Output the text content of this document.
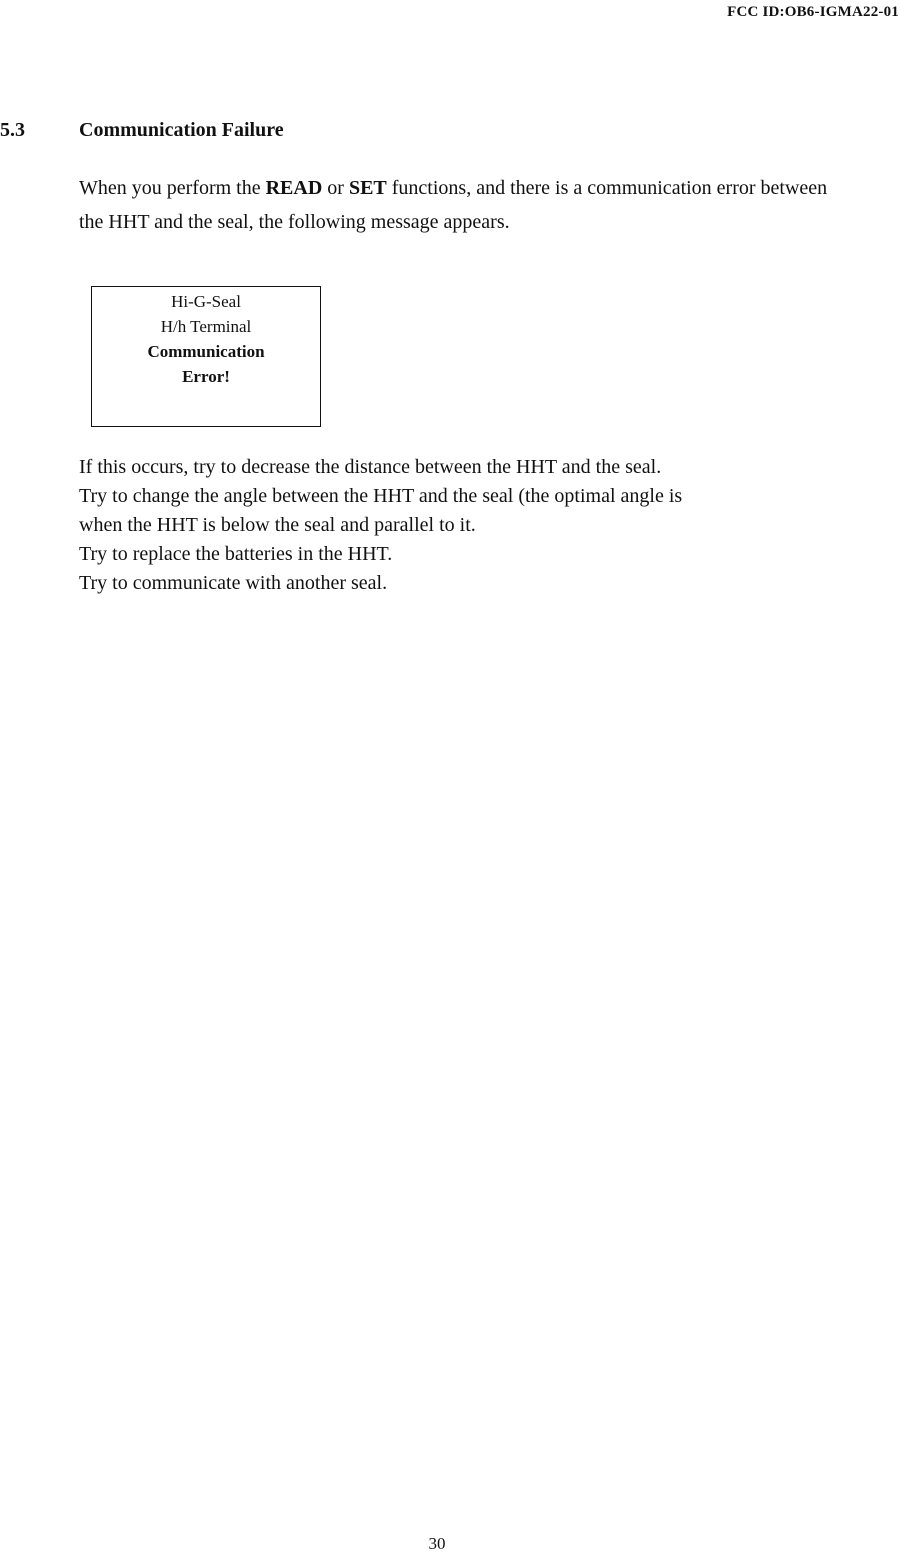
FCC ID:OB6-IGMA22-01
5.3	Communication Failure

When you perform the READ or SET functions, and there is a communication error between the HHT and the seal, the following message appears.

Hi-G-Seal
H/h Terminal
Communication
Error!
If this occurs, try to decrease the distance between the HHT and the seal.
Try to change the angle between the HHT and the seal (the optimal angle is
when the HHT is below the seal and parallel to it.
Try to replace the batteries in the HHT.
Try to communicate with another seal.
30
